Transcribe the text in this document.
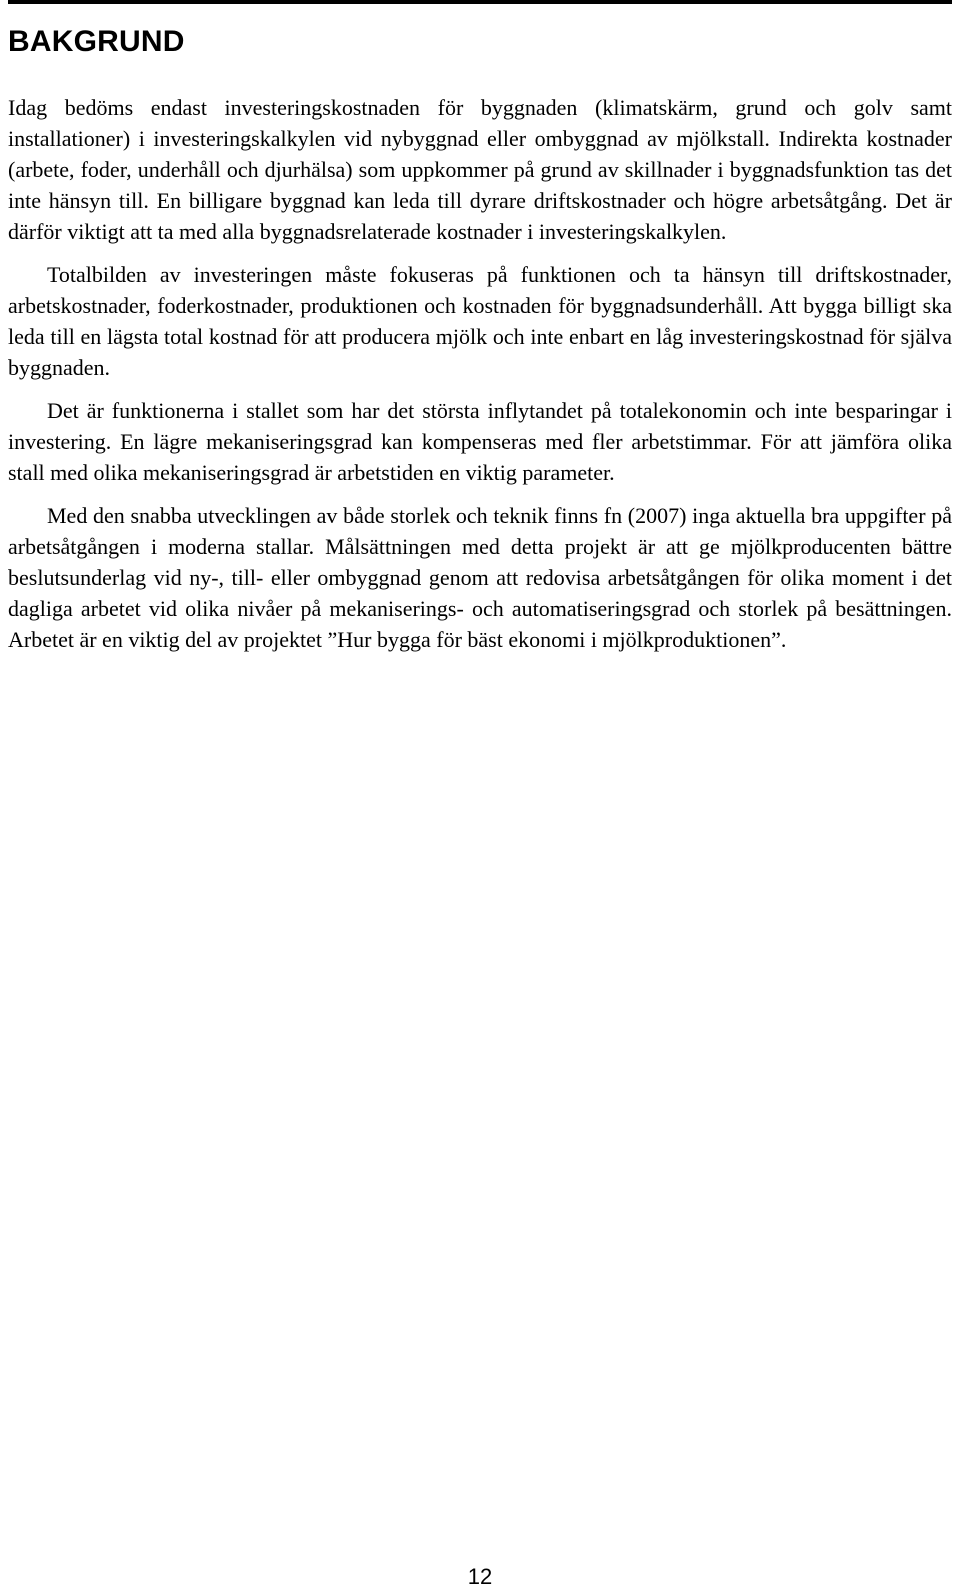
BAKGRUND

Idag bedöms endast investeringskostnaden för byggnaden (klimatskärm, grund och golv samt installationer) i investeringskalkylen vid nybyggnad eller ombyggnad av mjölkstall. Indirekta kostnader (arbete, foder, underhåll och djurhälsa) som uppkommer på grund av skillnader i byggnadsfunktion tas det inte hänsyn till. En billigare byggnad kan leda till dyrare driftskostnader och högre arbetsåtgång. Det är därför viktigt att ta med alla byggnadsrelaterade kostnader i investeringskalkylen.

Totalbilden av investeringen måste fokuseras på funktionen och ta hänsyn till driftskostnader, arbetskostnader, foderkostnader, produktionen och kostnaden för byggnadsunderhåll. Att bygga billigt ska leda till en lägsta total kostnad för att producera mjölk och inte enbart en låg investeringskostnad för själva byggnaden.

Det är funktionerna i stallet som har det största inflytandet på totalekonomin och inte besparingar i investering. En lägre mekaniseringsgrad kan kompenseras med fler arbetstimmar. För att jämföra olika stall med olika mekaniseringsgrad är arbetstiden en viktig parameter.

Med den snabba utvecklingen av både storlek och teknik finns fn (2007) inga aktuella bra uppgifter på arbetsåtgången i moderna stallar. Målsättningen med detta projekt är att ge mjölkproducenten bättre beslutsunderlag vid ny-, till- eller ombyggnad genom att redovisa arbetsåtgången för olika moment i det dagliga arbetet vid olika nivåer på mekaniserings- och automatiseringsgrad och storlek på besättningen. Arbetet är en viktig del av projektet ”Hur bygga för bäst ekonomi i mjölkproduktionen”.

12
